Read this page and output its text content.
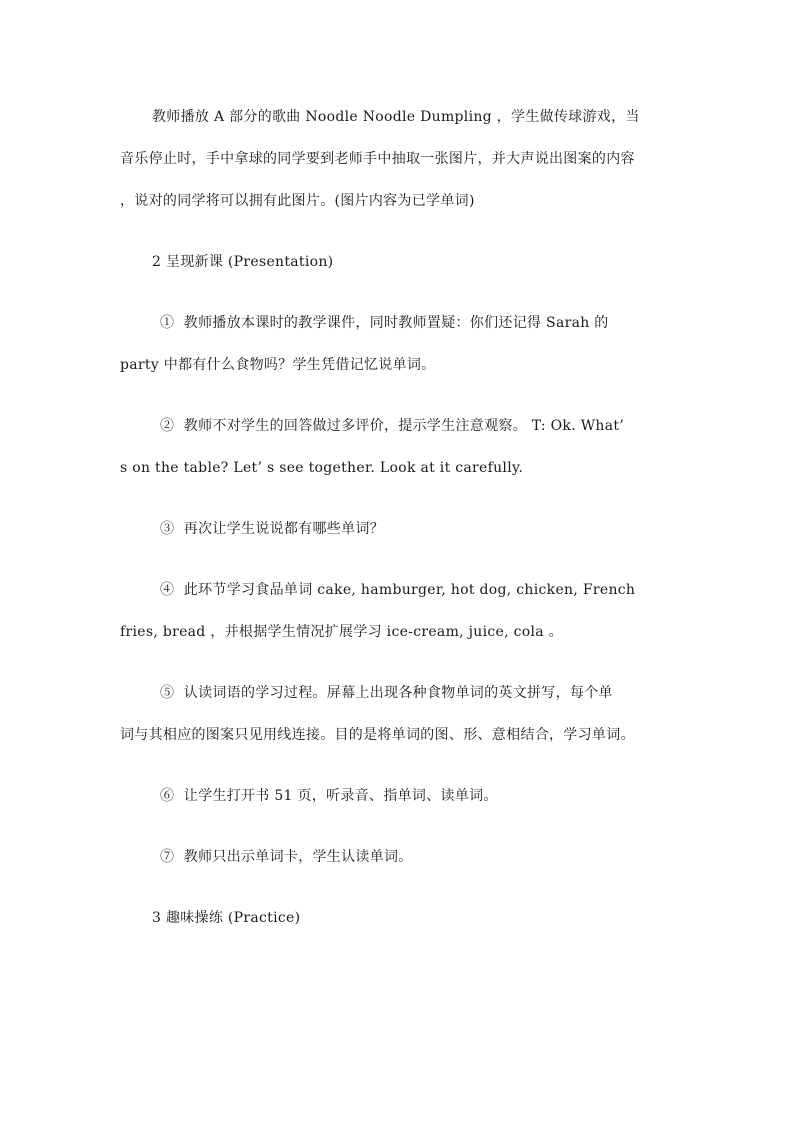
教师播放 A 部分的歌曲 Noodle Noodle Dumpling ，学生做传球游戏，当
音乐停止时，手中拿球的同学要到老师手中抽取一张图片，并大声说出图案的内容
，说对的同学将可以拥有此图片。(图片内容为已学单词)
2 呈现新课 (Presentation)
①  教师播放本课时的教学课件，同时教师置疑：你们还记得 Sarah 的
party 中都有什么食物吗？学生凭借记忆说单词。
②  教师不对学生的回答做过多评价，提示学生注意观察。 T: Ok. What’
s on the table? Let’ s see together. Look at it carefully.
③  再次让学生说说都有哪些单词？
④  此环节学习食品单词 cake, hamburger, hot dog, chicken, French
fries, bread ，并根据学生情况扩展学习 ice-cream, juice, cola 。
⑤  认读词语的学习过程。屏幕上出现各种食物单词的英文拼写，每个单
词与其相应的图案只见用线连接。目的是将单词的图、形、意相结合，学习单词。
⑥  让学生打开书 51 页，听录音、指单词、读单词。
⑦  教师只出示单词卡，学生认读单词。
3 趣味操练 (Practice)
